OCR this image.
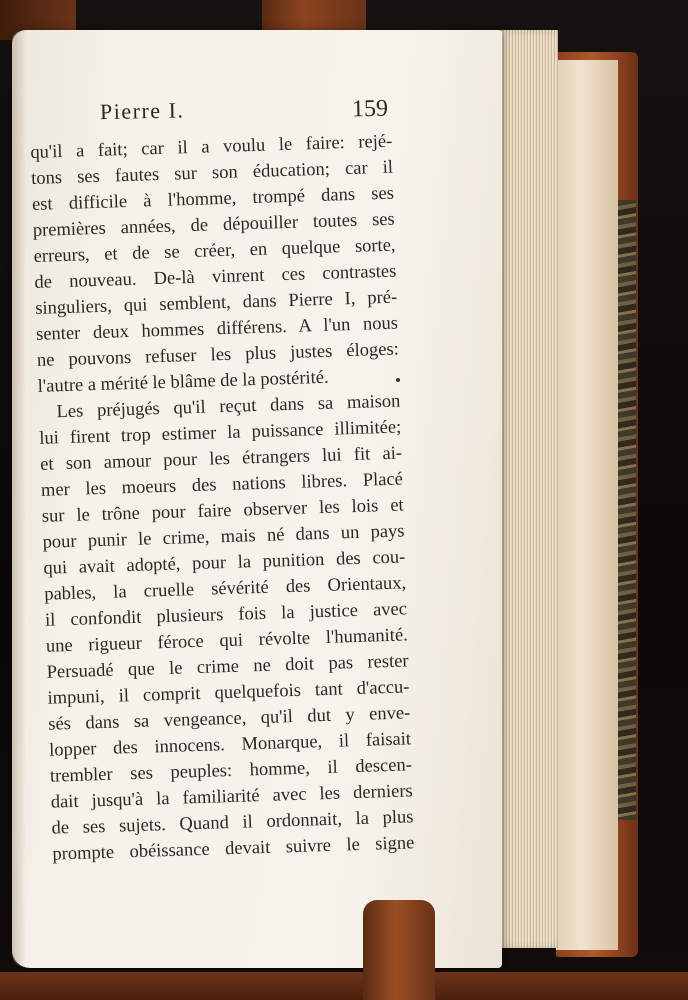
Pierre I.	159
qu'il a fait; car il a voulu le faire: rejé-
tons ses fautes sur son éducation; car il
est difficile à l'homme, trompé dans ses
premières années, de dépouiller toutes ses
erreurs, et de se créer, en quelque sorte,
de nouveau. De-là vinrent ces contrastes
singuliers, qui semblent, dans Pierre I, pré-
senter deux hommes différens. A l'un nous
ne pouvons refuser les plus justes éloges:
l'autre a mérité le blâme de la postérité.
Les préjugés qu'il reçut dans sa maison
lui firent trop estimer la puissance illimitée;
et son amour pour les étrangers lui fit ai-
mer les moeurs des nations libres. Placé
sur le trône pour faire observer les lois et
pour punir le crime, mais né dans un pays
qui avait adopté, pour la punition des cou-
pables, la cruelle sévérité des Orientaux,
il confondit plusieurs fois la justice avec
une rigueur féroce qui révolte l'humanité.
Persuadé que le crime ne doit pas rester
impuni, il comprit quelquefois tant d'accu-
sés dans sa vengeance, qu'il dut y enve-
lopper des innocens. Monarque, il faisait
trembler ses peuples: homme, il descen-
dait jusqu'à la familiarité avec les derniers
de ses sujets. Quand il ordonnait, la plus
prompte obéissance devait suivre le signe
